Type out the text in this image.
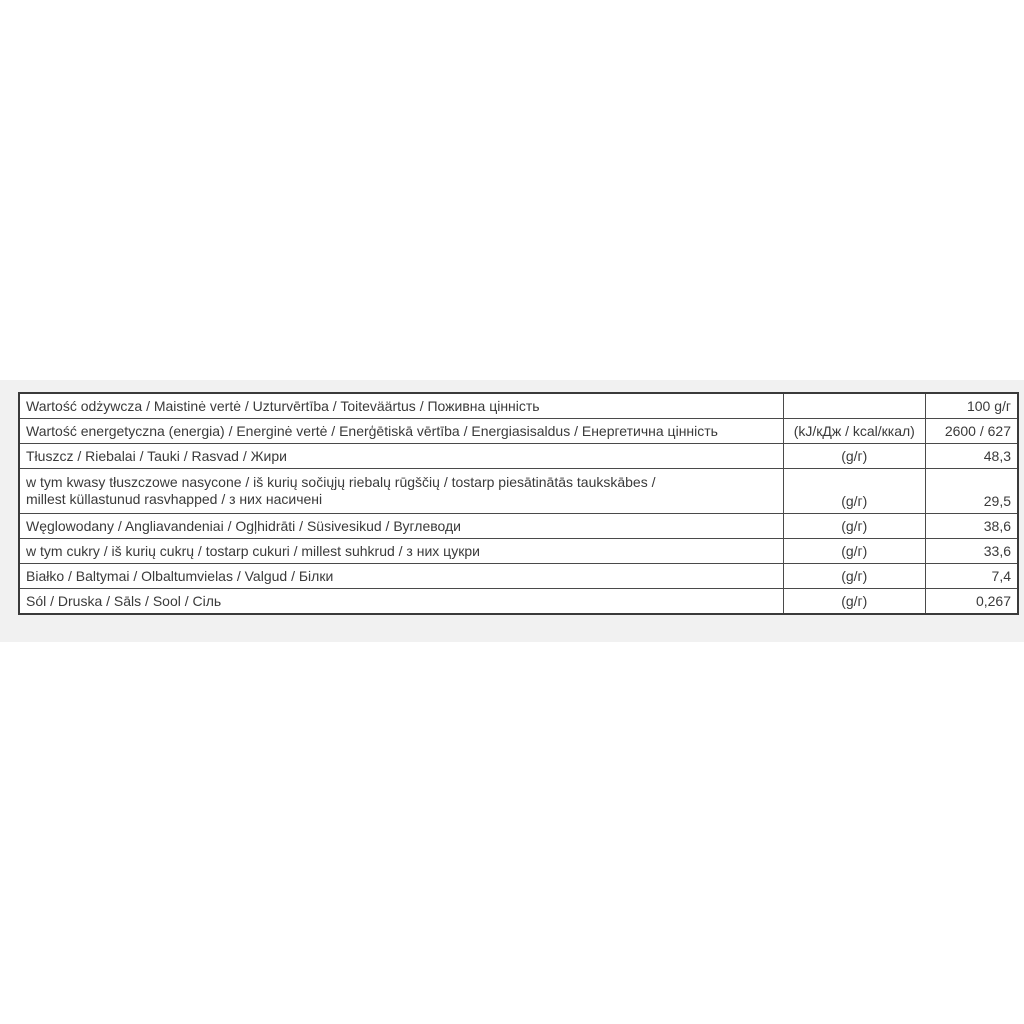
Wartość odżywcza / Maistinė vertė / Uzturvērtība / Toiteväärtus / Поживна цінність		100 g/г
Wartość energetyczna (energia) / Energinė vertė / Enerģētiskā vērtība / Energiasisaldus / Енергетична цінність	(kJ/кДж / kcal/ккал)	2600 / 627
Tłuszcz / Riebalai / Tauki / Rasvad / Жири	(g/г)	48,3

w tym kwasy tłuszczowe nasycone / iš kurių sočiųjų riebalų rūgščių / tostarp piesātinātās taukskābes /
millest küllastunud rasvhapped / з них насичені	(g/г)	29,5
Węglowodany / Angliavandeniai / Ogļhidrāti / Süsivesikud / Вуглеводи	(g/г)	38,6
w tym cukry / iš kurių cukrų / tostarp cukuri / millest suhkrud / з них цукри	(g/г)	33,6
Białko / Baltymai / Olbaltumvielas / Valgud / Білки	(g/г)	7,4
Sól / Druska / Sāls / Sool / Сіль	(g/г)	0,267
